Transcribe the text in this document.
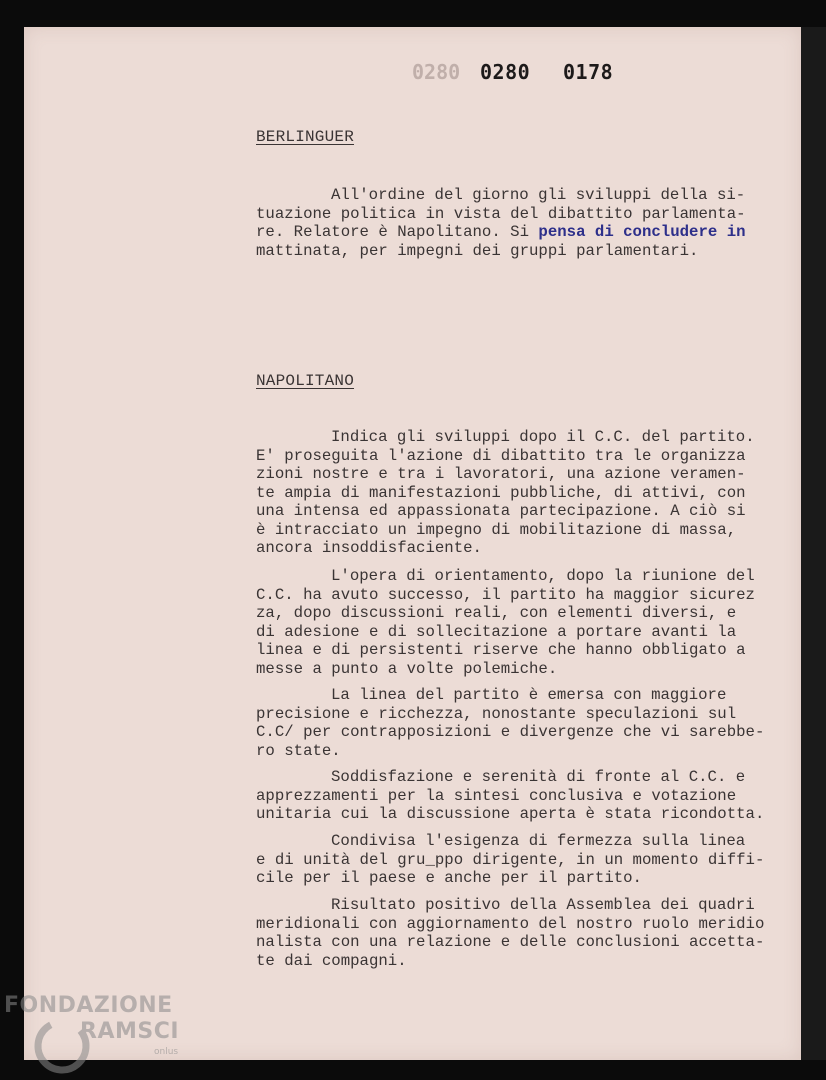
0280 0280 0178
BERLINGUER
All'ordine del giorno gli sviluppi della si-
tuazione politica in vista del dibattito parlamenta-
re. Relatore è Napolitano. Si pensa di concludere in
mattinata, per impegni dei gruppi parlamentari.
NAPOLITANO
Indica gli sviluppi dopo il C.C. del partito.
E' proseguita l'azione di dibattito tra le organizza
zioni nostre e tra i lavoratori, una azione veramen-
te ampia di manifestazioni pubbliche, di attivi, con
una intensa ed appassionata partecipazione. A ciò si
è intracciato un impegno di mobilitazione di massa,
ancora insoddisfaciente.
L'opera di orientamento, dopo la riunione del
C.C. ha avuto successo, il partito ha maggior sicurez
za, dopo discussioni reali, con elementi diversi, e
di adesione e di sollecitazione a portare avanti la
linea e di persistenti riserve che hanno obbligato a
messe a punto a volte polemiche.
La linea del partito è emersa con maggiore
precisione e ricchezza, nonostante speculazioni sul
C.C/ per contrapposizioni e divergenze che vi sarebbe-
ro state.
Soddisfazione e serenità di fronte al C.C. e
apprezzamenti per la sintesi conclusiva e votazione
unitaria cui la discussione aperta è stata ricondotta.
Condivisa l'esigenza di fermezza sulla linea
e di unità del gru_ppo dirigente, in un momento diffi-
cile per il paese e anche per il partito.
Risultato positivo della Assemblea dei quadri
meridionali con aggiornamento del nostro ruolo meridio
nalista con una relazione e delle conclusioni accetta-
te dai compagni.
FONDAZIONE
RAMSCI
onlus
